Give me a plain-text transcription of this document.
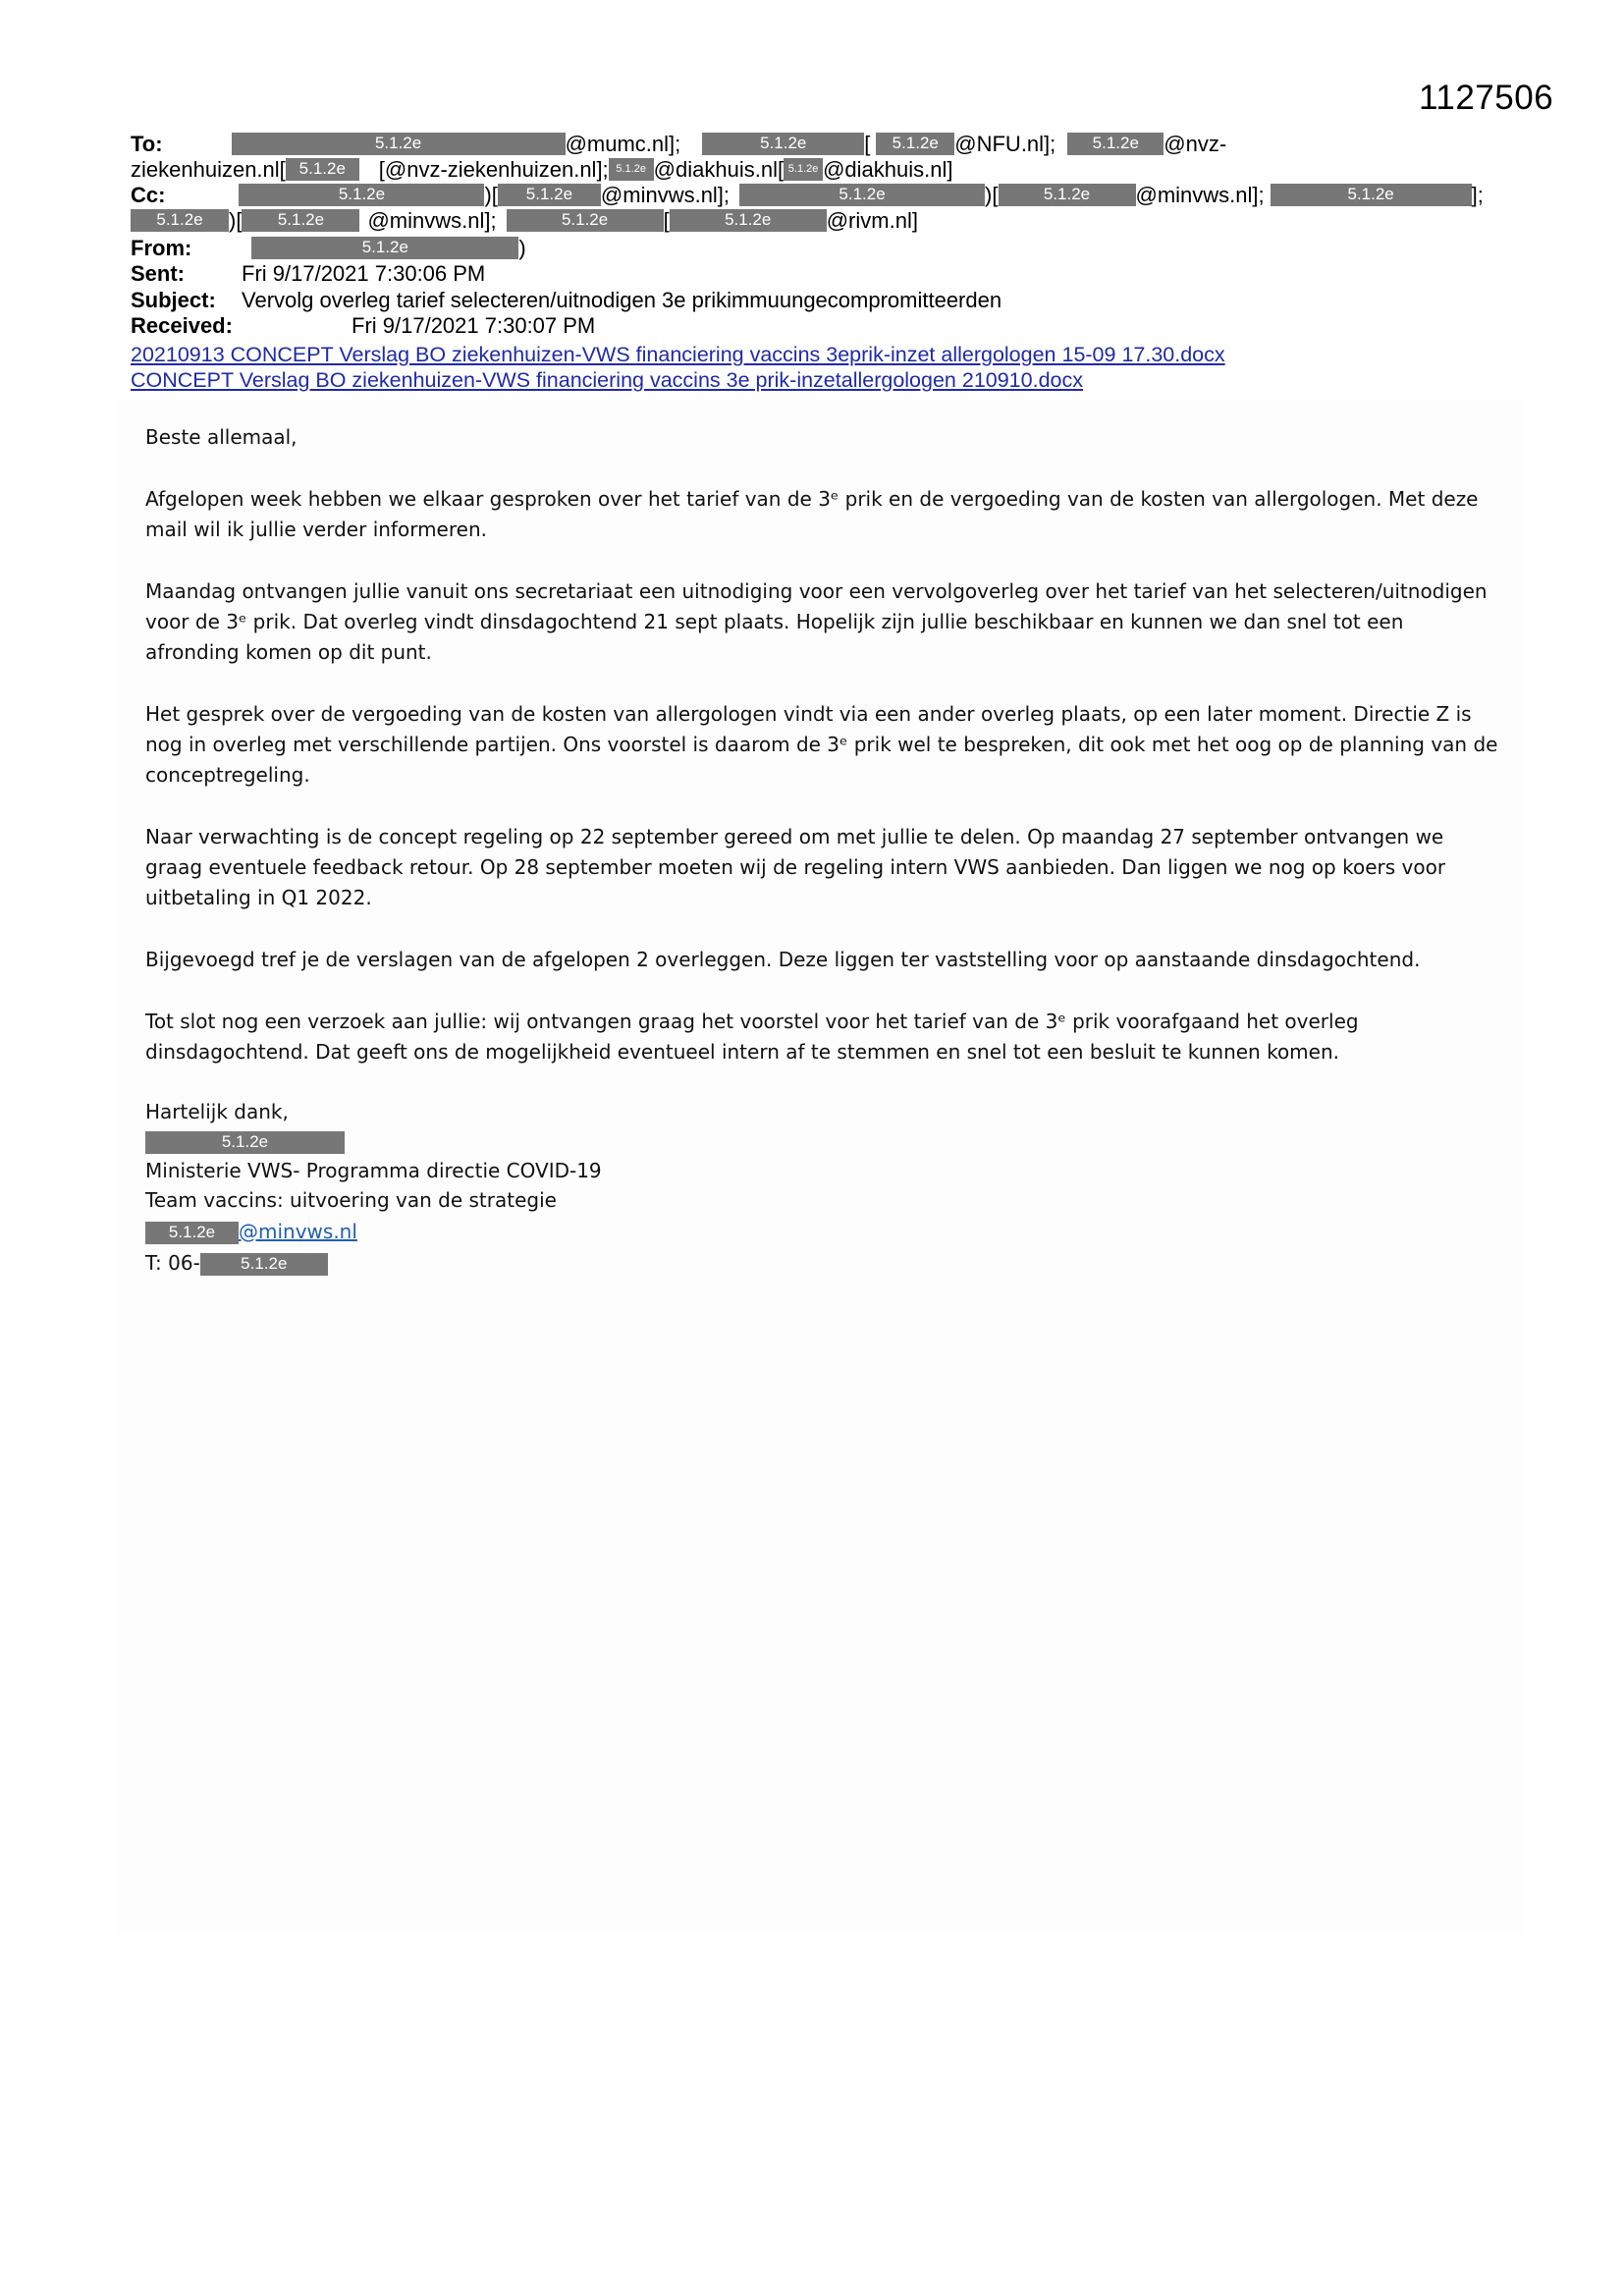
1127506
To:	5.1.2e	@mumc.nl];	5.1.2e	[ 5.1.2e @NFU.nl]; 5.1.2e @nvz-
ziekenhuizen.nl[ 5.1.2e [@nvz-ziekenhuizen.nl]; 5.1.2e @diakhuis.nl[ 5.1.2e @diakhuis.nl]
Cc:	5.1.2e	)[ 5.1.2e @minvws.nl];	5.1.2e	)[	5.1.2e @minvws.nl];	5.1.2e	];
5.1.2e )[ 5.1.2e @minvws.nl];	5.1.2e	[	5.1.2e	@rivm.nl]
From:	5.1.2e	)
Sent:	Fri 9/17/2021 7:30:06 PM
Subject: Vervolg overleg tarief selecteren/uitnodigen 3e prikimmuungecompromitteerden
Received:	Fri 9/17/2021 7:30:07 PM
20210913 CONCEPT Verslag BO ziekenhuizen-VWS financiering vaccins 3eprik-inzet allergologen 15-09 17.30.docx
CONCEPT Verslag BO ziekenhuizen-VWS financiering vaccins 3e prik-inzetallergologen 210910.docx

Beste allemaal,

Afgelopen week hebben we elkaar gesproken over het tarief van de 3ᵉ prik en de vergoeding van de kosten van allergologen. Met deze mail wil ik jullie verder informeren.

Maandag ontvangen jullie vanuit ons secretariaat een uitnodiging voor een vervolgoverleg over het tarief van het selecteren/uitnodigen voor de 3ᵉ prik. Dat overleg vindt dinsdagochtend 21 sept plaats. Hopelijk zijn jullie beschikbaar en kunnen we dan snel tot een afronding komen op dit punt.

Het gesprek over de vergoeding van de kosten van allergologen vindt via een ander overleg plaats, op een later moment. Directie Z is nog in overleg met verschillende partijen. Ons voorstel is daarom de 3ᵉ prik wel te bespreken, dit ook met het oog op de planning van de conceptregeling.

Naar verwachting is de concept regeling op 22 september gereed om met jullie te delen. Op maandag 27 september ontvangen we graag eventuele feedback retour. Op 28 september moeten wij de regeling intern VWS aanbieden. Dan liggen we nog op koers voor uitbetaling in Q1 2022.

Bijgevoegd tref je de verslagen van de afgelopen 2 overleggen. Deze liggen ter vaststelling voor op aanstaande dinsdagochtend.

Tot slot nog een verzoek aan jullie: wij ontvangen graag het voorstel voor het tarief van de 3ᵉ prik voorafgaand het overleg dinsdagochtend. Dat geeft ons de mogelijkheid eventueel intern af te stemmen en snel tot een besluit te kunnen komen.

Hartelijk dank,
5.1.2e
Ministerie VWS- Programma directie COVID-19
Team vaccins: uitvoering van de strategie
5.1.2e @minvws.nl
T: 06- 5.1.2e
